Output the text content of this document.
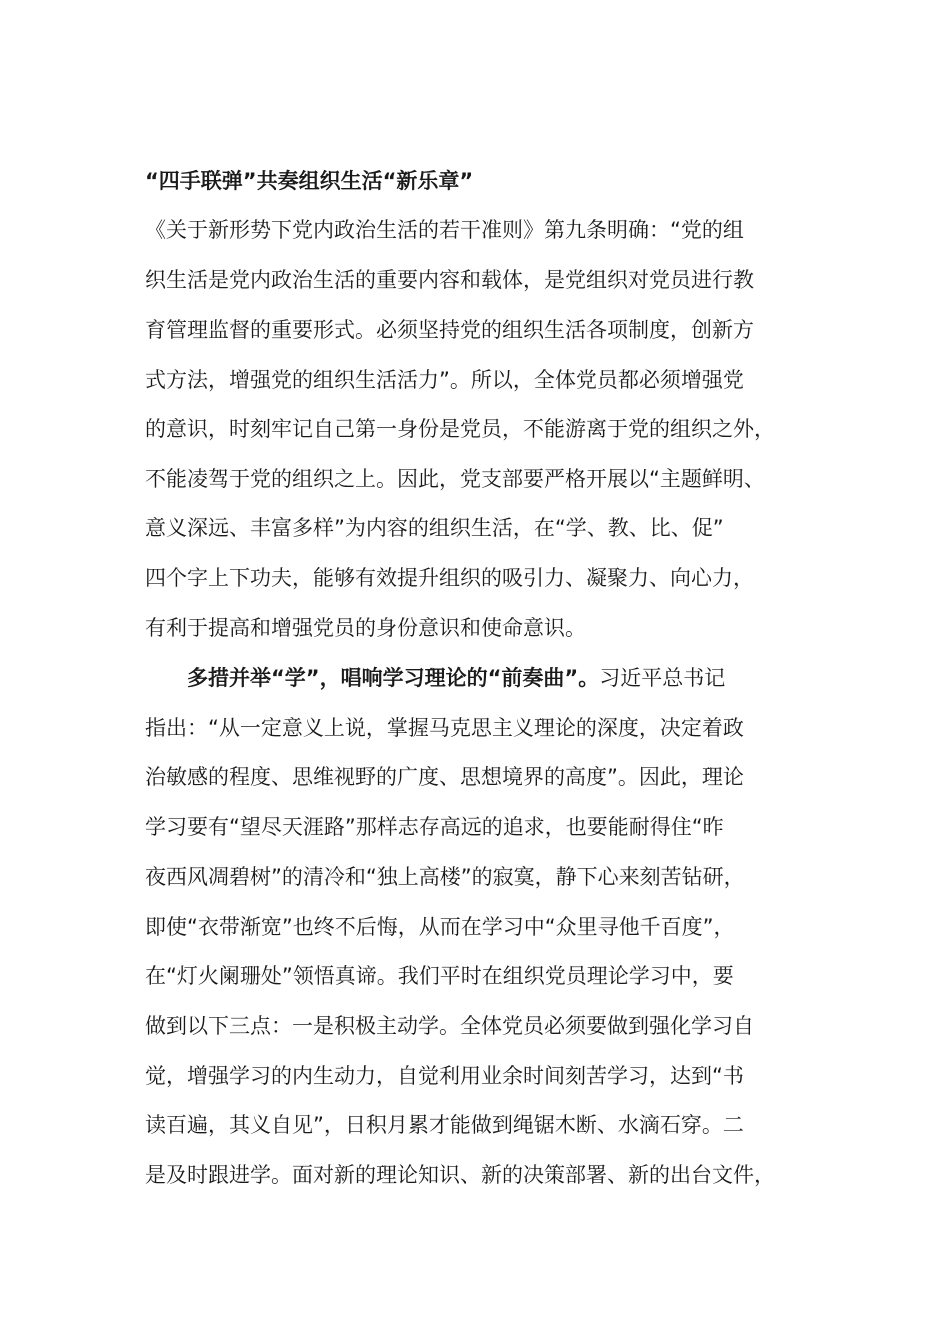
“四手联弹”共奏组织生活“新乐章”
《关于新形势下党内政治生活的若干准则》第九条明确：“党的组
织生活是党内政治生活的重要内容和载体，是党组织对党员进行教
育管理监督的重要形式。必须坚持党的组织生活各项制度，创新方
式方法，增强党的组织生活活力”。所以，全体党员都必须增强党
的意识，时刻牢记自己第一身份是党员，不能游离于党的组织之外，
不能凌驾于党的组织之上。因此，党支部要严格开展以“主题鲜明、
意义深远、丰富多样”为内容的组织生活，在“学、教、比、促”
四个字上下功夫，能够有效提升组织的吸引力、凝聚力、向心力，
有利于提高和增强党员的身份意识和使命意识。
多措并举“学”，唱响学习理论的“前奏曲”。习近平总书记
指出：“从一定意义上说，掌握马克思主义理论的深度，决定着政
治敏感的程度、思维视野的广度、思想境界的高度”。因此，理论
学习要有“望尽天涯路”那样志存高远的追求，也要能耐得住“昨
夜西风凋碧树”的清冷和“独上高楼”的寂寞，静下心来刻苦钻研，
即使“衣带渐宽”也终不后悔，从而在学习中“众里寻他千百度”，
在“灯火阑珊处”领悟真谛。我们平时在组织党员理论学习中，要
做到以下三点：一是积极主动学。全体党员必须要做到强化学习自
觉，增强学习的内生动力，自觉利用业余时间刻苦学习，达到“书
读百遍，其义自见”，日积月累才能做到绳锯木断、水滴石穿。二
是及时跟进学。面对新的理论知识、新的决策部署、新的出台文件，
